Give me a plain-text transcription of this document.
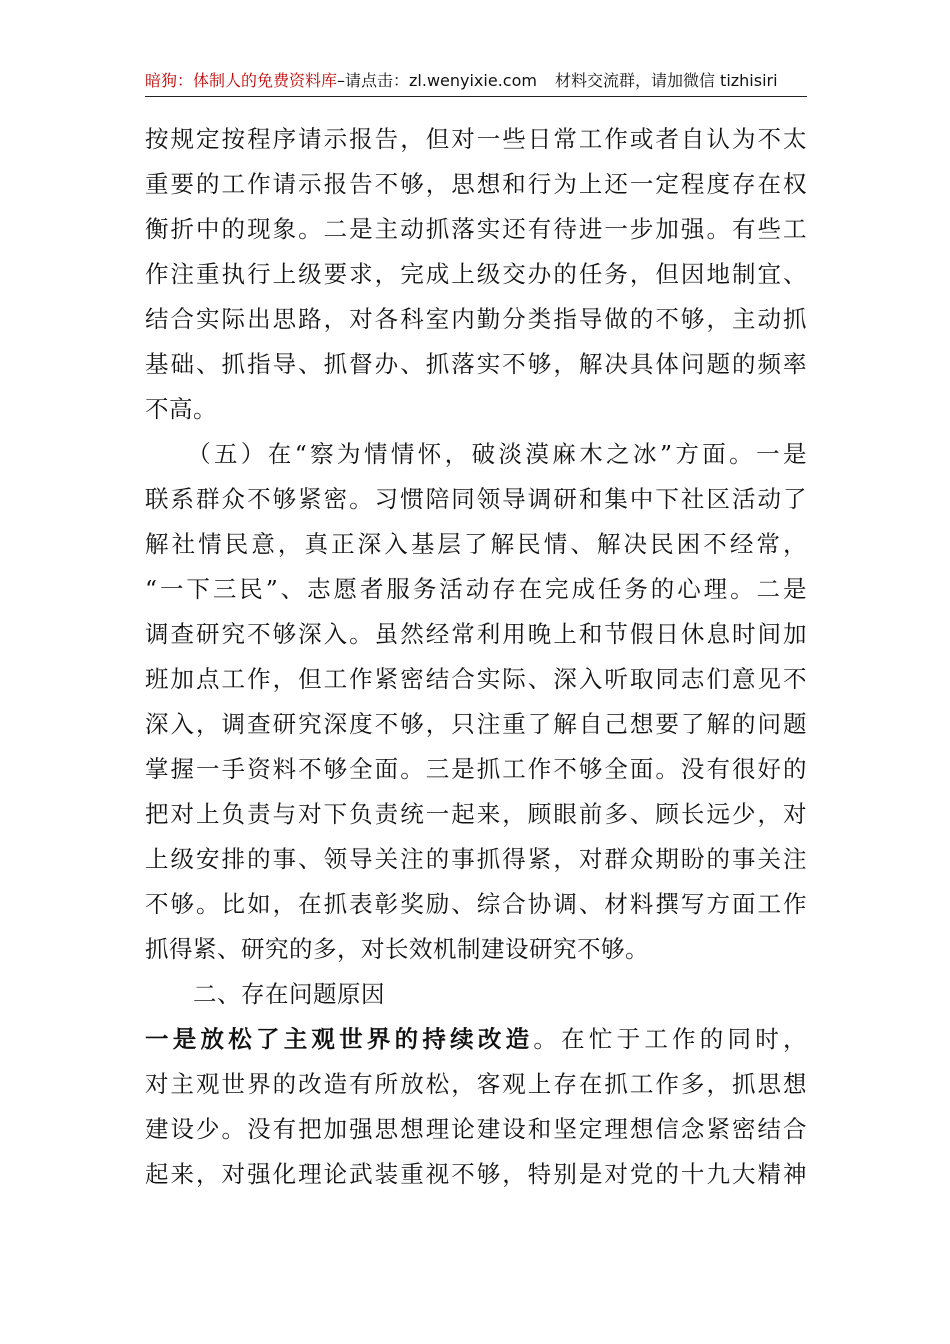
暗狗：体制人的免费资料库–请点击：zl.wenyixie.com 材料交流群，请加微信 tizhisiri
按规定按程序请示报告，但对一些日常工作或者自认为不太
重要的工作请示报告不够，思想和行为上还一定程度存在权
衡折中的现象。二是主动抓落实还有待进一步加强。有些工
作注重执行上级要求，完成上级交办的任务，但因地制宜、
结合实际出思路，对各科室内勤分类指导做的不够，主动抓
基础、抓指导、抓督办、抓落实不够，解决具体问题的频率
不高。
　　（五）在“察为情情怀，破淡漠麻木之冰”方面。一是
联系群众不够紧密。习惯陪同领导调研和集中下社区活动了
解社情民意，真正深入基层了解民情、解决民困不经常，
“一下三民”、志愿者服务活动存在完成任务的心理。二是
调查研究不够深入。虽然经常利用晚上和节假日休息时间加
班加点工作，但工作紧密结合实际、深入听取同志们意见不
深入，调查研究深度不够，只注重了解自己想要了解的问题
掌握一手资料不够全面。三是抓工作不够全面。没有很好的
把对上负责与对下负责统一起来，顾眼前多、顾长远少，对
上级安排的事、领导关注的事抓得紧，对群众期盼的事关注
不够。比如，在抓表彰奖励、综合协调、材料撰写方面工作
抓得紧、研究的多，对长效机制建设研究不够。
　　二、存在问题原因
一是放松了主观世界的持续改造。在忙于工作的同时，
对主观世界的改造有所放松，客观上存在抓工作多，抓思想
建设少。没有把加强思想理论建设和坚定理想信念紧密结合
起来，对强化理论武装重视不够，特别是对党的十九大精神
